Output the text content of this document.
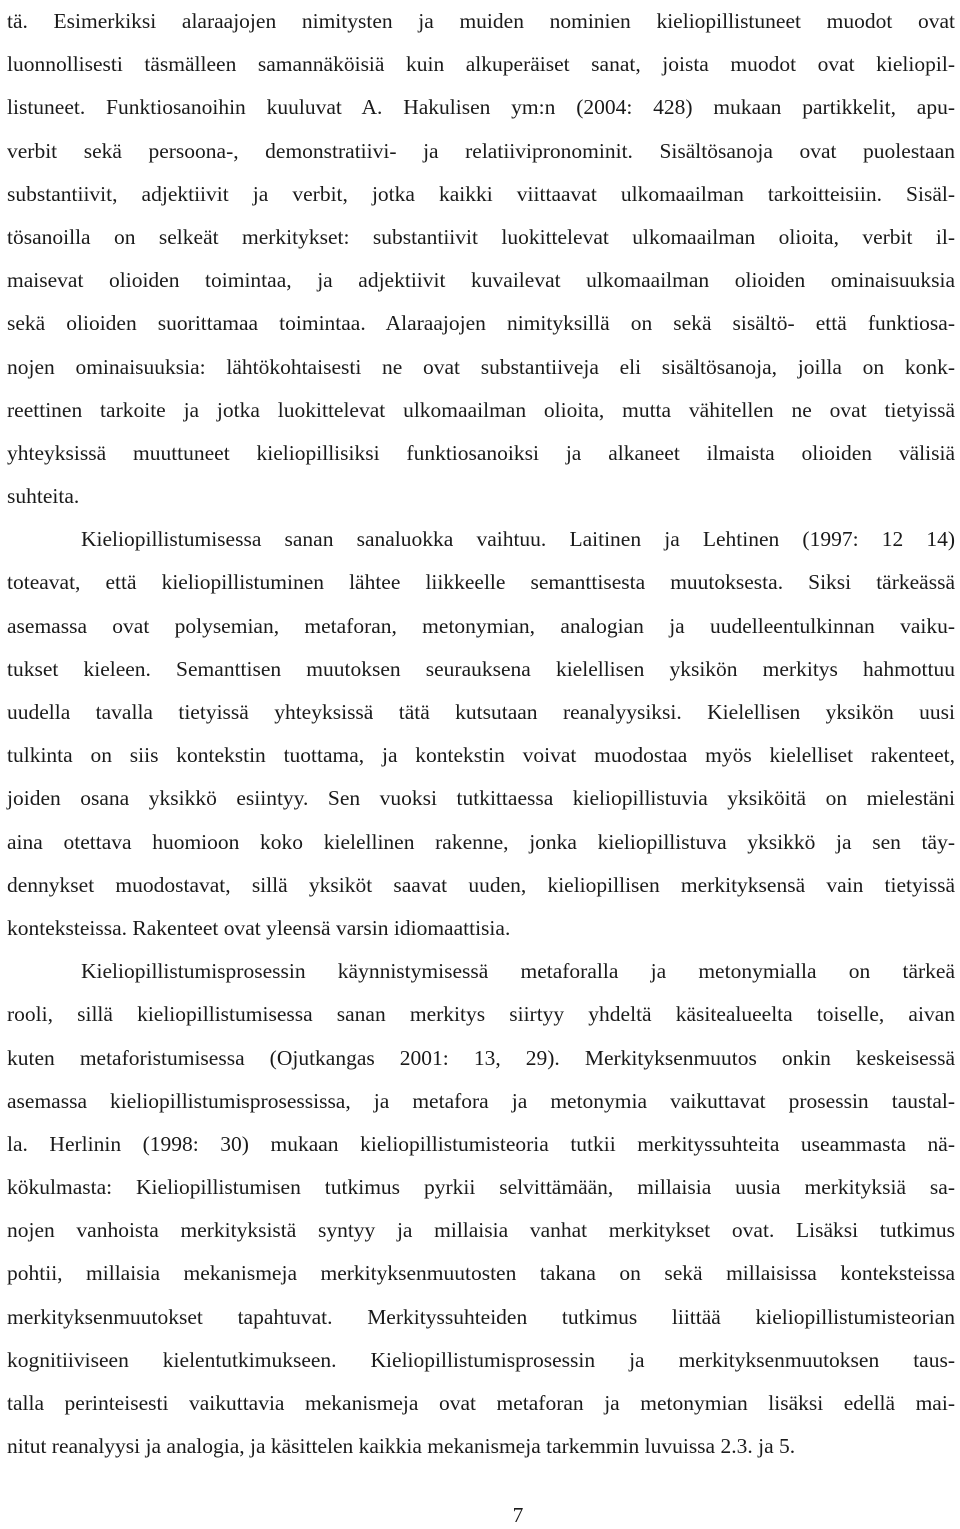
tä. Esimerkiksi alaraajojen nimitysten ja muiden nominien kieliopillistuneet muodot ovat
luonnollisesti täsmälleen samannäköisiä kuin alkuperäiset sanat, joista muodot ovat kieliopil-
listuneet. Funktiosanoihin kuuluvat A. Hakulisen ym:n (2004: 428) mukaan partikkelit, apu-
verbit sekä persoona-, demonstratiivi- ja relatiivipronominit. Sisältösanoja ovat puolestaan
substantiivit, adjektiivit ja verbit, jotka kaikki viittaavat ulkomaailman tarkoitteisiin. Sisäl-
tösanoilla on selkeät merkitykset: substantiivit luokittelevat ulkomaailman olioita, verbit il-
maisevat olioiden toimintaa, ja adjektiivit kuvailevat ulkomaailman olioiden ominaisuuksia
sekä olioiden suorittamaa toimintaa. Alaraajojen nimityksillä on sekä sisältö- että funktiosa-
nojen ominaisuuksia: lähtökohtaisesti ne ovat substantiiveja eli sisältösanoja, joilla on konk-
reettinen tarkoite ja jotka luokittelevat ulkomaailman olioita, mutta vähitellen ne ovat tietyissä
yhteyksissä muuttuneet kieliopillisiksi funktiosanoiksi ja alkaneet ilmaista olioiden välisiä
suhteita.
Kieliopillistumisessa sanan sanaluokka vaihtuu. Laitinen ja Lehtinen (1997: 12 14)
toteavat, että kieliopillistuminen lähtee liikkeelle semanttisesta muutoksesta. Siksi tärkeässä
asemassa ovat polysemian, metaforan, metonymian, analogian ja uudelleentulkinnan vaiku-
tukset kieleen. Semanttisen muutoksen seurauksena kielellisen yksikön merkitys hahmottuu
uudella tavalla tietyissä yhteyksissä tätä kutsutaan reanalyysiksi. Kielellisen yksikön uusi
tulkinta on siis kontekstin tuottama, ja kontekstin voivat muodostaa myös kielelliset rakenteet,
joiden osana yksikkö esiintyy. Sen vuoksi tutkittaessa kieliopillistuvia yksiköitä on mielestäni
aina otettava huomioon koko kielellinen rakenne, jonka kieliopillistuva yksikkö ja sen täy-
dennykset muodostavat, sillä yksiköt saavat uuden, kieliopillisen merkityksensä vain tietyissä
konteksteissa. Rakenteet ovat yleensä varsin idiomaattisia.
Kieliopillistumisprosessin käynnistymisessä metaforalla ja metonymialla on tärkeä
rooli, sillä kieliopillistumisessa sanan merkitys siirtyy yhdeltä käsitealueelta toiselle, aivan
kuten metaforistumisessa (Ojutkangas 2001: 13, 29). Merkityksenmuutos onkin keskeisessä
asemassa kieliopillistumisprosessissa, ja metafora ja metonymia vaikuttavat prosessin taustal-
la. Herlinin (1998: 30) mukaan kieliopillistumisteoria tutkii merkityssuhteita useammasta nä-
kökulmasta: Kieliopillistumisen tutkimus pyrkii selvittämään, millaisia uusia merkityksiä sa-
nojen vanhoista merkityksistä syntyy ja millaisia vanhat merkitykset ovat. Lisäksi tutkimus
pohtii, millaisia mekanismeja merkityksenmuutosten takana on sekä millaisissa konteksteissa
merkityksenmuutokset tapahtuvat. Merkityssuhteiden tutkimus liittää kieliopillistumisteorian
kognitiiviseen kielentutkimukseen. Kieliopillistumisprosessin ja merkityksenmuutoksen taus-
talla perinteisesti vaikuttavia mekanismeja ovat metaforan ja metonymian lisäksi edellä mai-
nitut reanalyysi ja analogia, ja käsittelen kaikkia mekanismeja tarkemmin luvuissa 2.3. ja 5.
7
